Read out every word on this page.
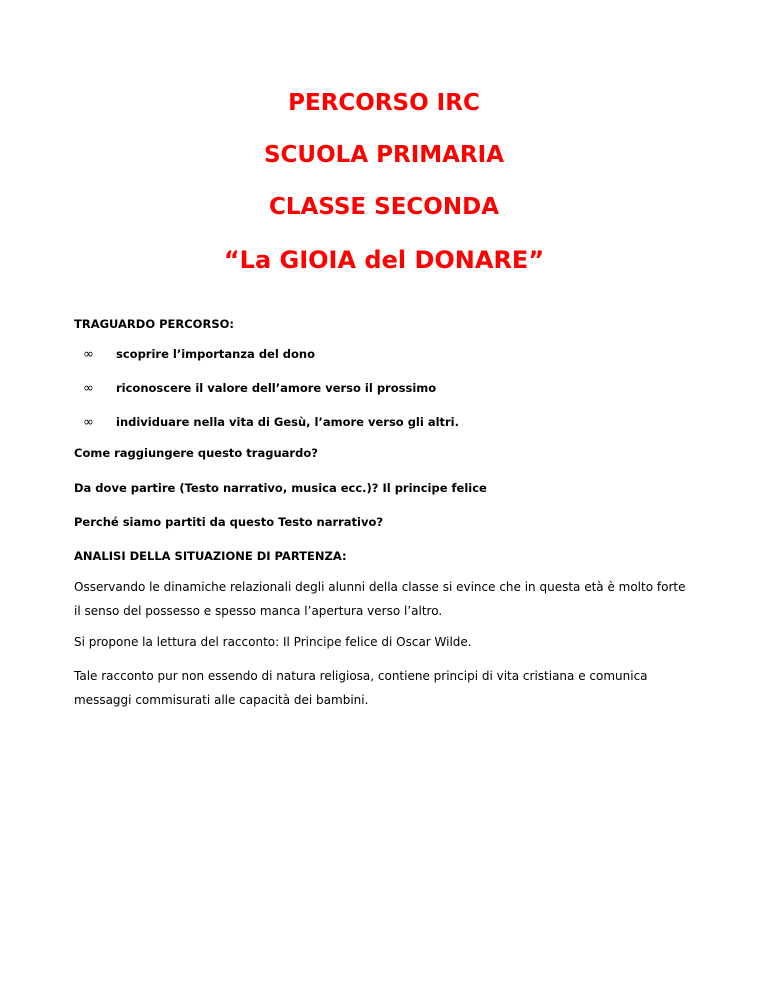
PERCORSO IRC
SCUOLA PRIMARIA
CLASSE SECONDA
“La GIOIA del DONARE”

TRAGUARDO PERCORSO:

∞ scoprire l’importanza del dono
∞ riconoscere il valore dell’amore verso il prossimo
∞ individuare nella vita di Gesù, l’amore verso gli altri.

Come raggiungere questo traguardo?

Da dove partire (Testo narrativo, musica ecc.)? Il principe felice

Perché siamo partiti da questo Testo narrativo?

ANALISI DELLA SITUAZIONE DI PARTENZA:

Osservando le dinamiche relazionali degli alunni della classe si evince che in questa età è molto forte il senso del possesso e spesso manca l’apertura verso l’altro.

Si propone la lettura del racconto: Il Principe felice di Oscar Wilde.

Tale racconto pur non essendo di natura religiosa, contiene principi di vita cristiana e comunica messaggi commisurati alle capacità dei bambini.
